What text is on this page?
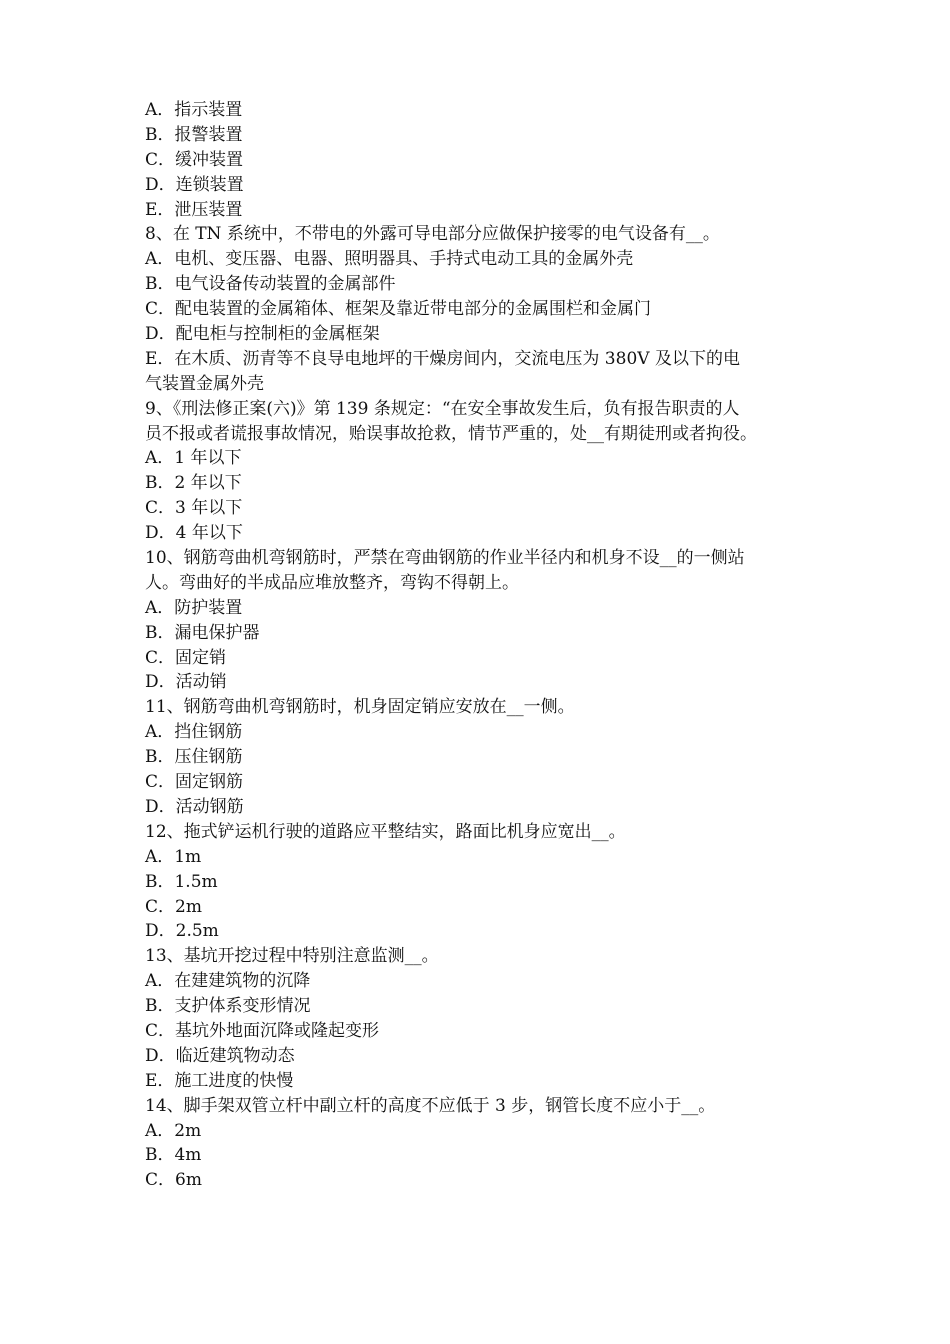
A．指示装置
B．报警装置
C．缓冲装置
D．连锁装置
E．泄压装置
8、在 TN 系统中，不带电的外露可导电部分应做保护接零的电气设备有__。
A．电机、变压器、电器、照明器具、手持式电动工具的金属外壳
B．电气设备传动装置的金属部件
C．配电装置的金属箱体、框架及靠近带电部分的金属围栏和金属门
D．配电柜与控制柜的金属框架
E．在木质、沥青等不良导电地坪的干燥房间内，交流电压为 380V 及以下的电
气装置金属外壳
9、《刑法修正案(六)》第 139 条规定：“在安全事故发生后，负有报告职责的人
员不报或者谎报事故情况，贻误事故抢救，情节严重的，处__有期徒刑或者拘役。
A．1 年以下
B．2 年以下
C．3 年以下
D．4 年以下
10、钢筋弯曲机弯钢筋时，严禁在弯曲钢筋的作业半径内和机身不设__的一侧站
人。弯曲好的半成品应堆放整齐，弯钩不得朝上。
A．防护装置
B．漏电保护器
C．固定销
D．活动销
11、钢筋弯曲机弯钢筋时，机身固定销应安放在__一侧。
A．挡住钢筋
B．压住钢筋
C．固定钢筋
D．活动钢筋
12、拖式铲运机行驶的道路应平整结实，路面比机身应宽出__。
A．1m
B．1.5m
C．2m
D．2.5m
13、基坑开挖过程中特别注意监测__。
A．在建建筑物的沉降
B．支护体系变形情况
C．基坑外地面沉降或隆起变形
D．临近建筑物动态
E．施工进度的快慢
14、脚手架双管立杆中副立杆的高度不应低于 3 步，钢管长度不应小于__。
A．2m
B．4m
C．6m
